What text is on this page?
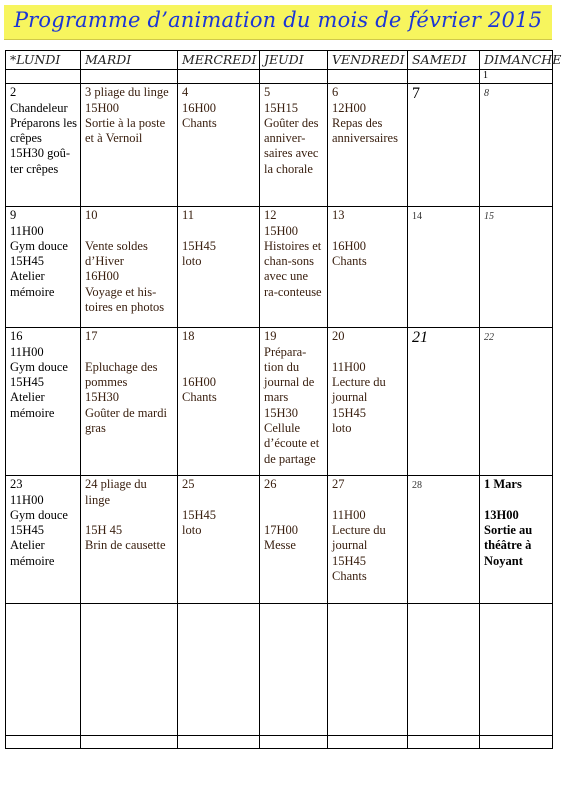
Programme d’animation du mois de février 2015
*LUNDI	MARDI	MERCREDI	JEUDI	VENDREDI	SAMEDI	DIMANCHE
						1

2
Chandeleur
Préparons les crêpes
15H30 goû-ter crêpes	3 pliage du linge
15H00
Sortie à la poste et à Vernoil	4
16H00
Chants	5
15H15
Goûter des anniver-saires avec la chorale	6
12H00
Repas des anniversaires	7	8

9
11H00
Gym douce
15H45
Atelier mémoire	10

Vente soldes d’Hiver
16H00
Voyage et his-toires en photos	11

15H45
loto	12
15H00
Histoires et chan-sons avec une ra-conteuse	13

16H00
Chants	14	15

16
11H00
Gym douce
15H45
Atelier mémoire	17

Epluchage des pommes
15H30
Goûter de mardi gras	18

16H00
Chants	19
Prépara-tion du journal de mars
15H30
Cellule d’écoute et de partage	20

11H00
Lecture du journal
15H45
loto	21	22

23
11H00
Gym douce
15H45
Atelier mémoire	24 pliage du linge

15H 45
Brin de causette	25

15H45
loto	26

17H00
Messe	27

11H00
Lecture du journal
15H45
Chants	28	1 Mars

13H00
Sortie au théâtre à Noyant
